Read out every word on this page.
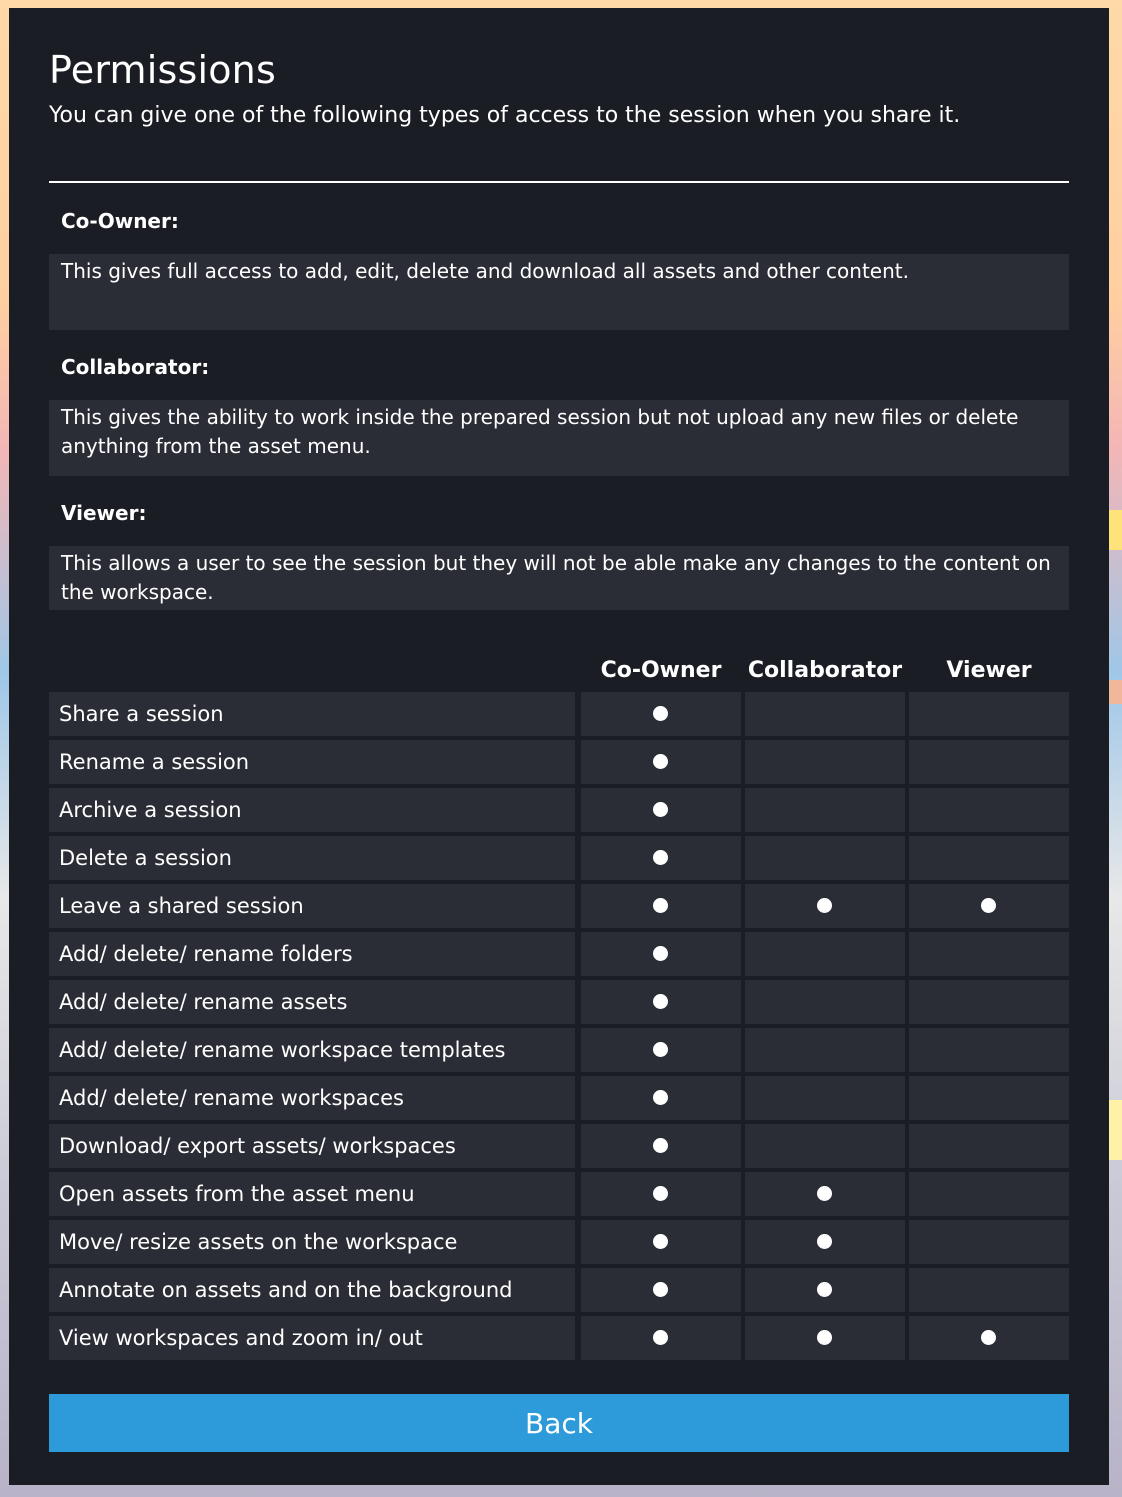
Permissions
You can give one of the following types of access to the session when you share it.
Co-Owner:
This gives full access to add, edit, delete and download all assets and other content.
Collaborator:
This gives the ability to work inside the prepared session but not upload any new files or delete anything from the asset menu.
Viewer:
This allows a user to see the session but they will not be able make any changes to the content on the workspace.
Co-Owner	Collaborator	Viewer
Share a session
Rename a session
Archive a session
Delete a session
Leave a shared session
Add/ delete/ rename folders
Add/ delete/ rename assets
Add/ delete/ rename workspace templates
Add/ delete/ rename workspaces
Download/ export assets/ workspaces
Open assets from the asset menu
Move/ resize assets on the workspace
Annotate on assets and on the background
View workspaces and zoom in/ out
Back
